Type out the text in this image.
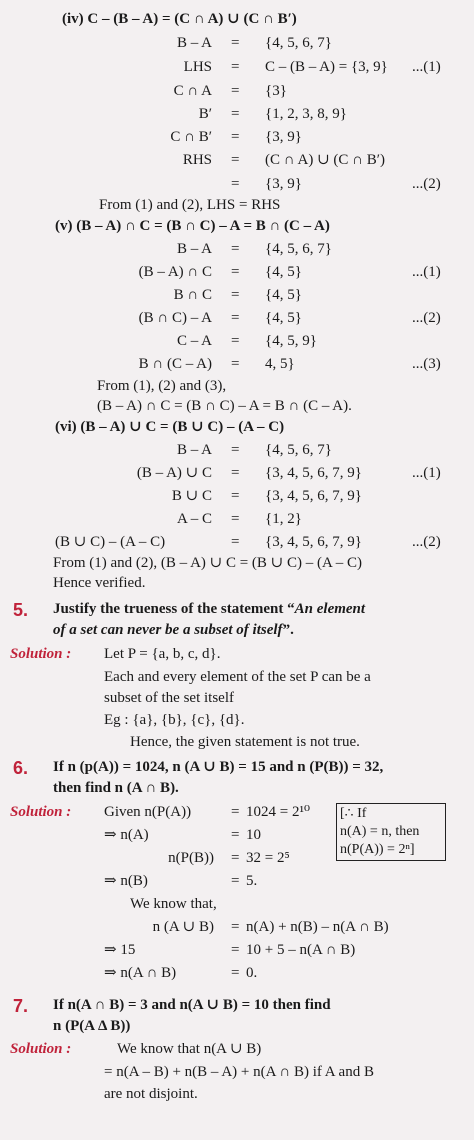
(iv) C – (B – A) = (C ∩ A) ∪ (C ∩ B′)
B – A = {4, 5, 6, 7}
LHS = C – (B – A) = {3, 9} ...(1)
C ∩ A = {3}
B′ = {1, 2, 3, 8, 9}
C ∩ B′ = {3, 9}
RHS = (C ∩ A) ∪ (C ∩ B′)
= {3, 9}	...(2)
From (1) and (2), LHS = RHS
(v) (B – A) ∩ C = (B ∩ C) – A = B ∩ (C – A)
B – A = {4, 5, 6, 7}
(B – A) ∩ C = {4, 5}	...(1)
B ∩ C = {4, 5}
(B ∩ C) – A = {4, 5}	...(2)
C – A = {4, 5, 9}
B ∩ (C – A) = 4, 5}	...(3)
From (1), (2) and (3),
(B – A) ∩ C = (B ∩ C) – A = B ∩ (C – A).
(vi) (B – A) ∪ C = (B ∪ C) – (A – C)
B – A = {4, 5, 6, 7}
(B – A) ∪ C = {3, 4, 5, 6, 7, 9}	...(1)
B ∪ C = {3, 4, 5, 6, 7, 9}
A – C = {1, 2}
(B ∪ C) – (A – C)	= {3, 4, 5, 6, 7, 9}	...(2)
From (1) and (2), (B – A) ∪ C = (B ∪ C) – (A – C)
Hence verified.
5. Justify the trueness of the statement “An element
of a set can never be a subset of itself”.
Solution : Let P = {a, b, c, d}.
Each and every element of the set P can be a
subset of the set itself
Eg : {a}, {b}, {c}, {d}.
Hence, the given statement is not true.
6. If n (p(A)) = 1024, n (A ∪ B) = 15 and n (P(B)) = 32,
then find n (A ∩ B).
Solution : Given n(P(A))	= 1024 = 2¹⁰
⇒ n(A)	= 10
n(P(B)) = 32 = 2⁵
⇒ n(B)	= 5.
[∴ If
n(A) = n, then
n(P(A)) = 2ⁿ]
We know that,
n (A ∪ B) = n(A) + n(B) – n(A ∩ B)
⇒ 15	= 10 + 5 – n(A ∩ B)
⇒ n(A ∩ B)	= 0.
7. If n(A ∩ B) = 3 and n(A ∪ B) = 10 then find
n (P(A Δ B))
Solution :	We know that n(A ∪ B)
= n(A – B) + n(B – A) + n(A ∩ B) if A and B
are not disjoint.
